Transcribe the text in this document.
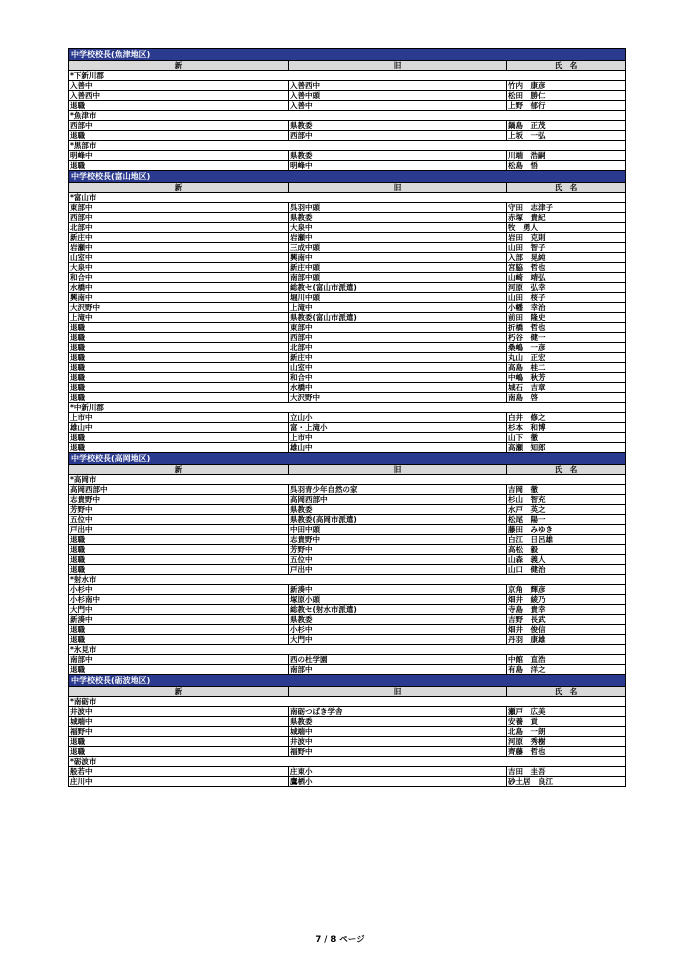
中学校校長(魚津地区)
新	旧	氏　名
*下新川郡
入善中	入善西中	竹内　康彦
入善西中	入善中頭	松田　勝仁
退職	入善中	上野　郁行
*魚津市
西部中	県教委	鍋島　正茂
退職	西部中	上坂　一弘
*黒部市
明峰中	県教委	川端　浩嗣
退職	明峰中	松島　悟
中学校校長(富山地区)
新	旧	氏　名
*富山市
東部中	呉羽中頭	守田　志津子
西部中	県教委	赤塚　貴紀
北部中	大泉中	牧　勇人
新庄中	岩瀬中	岩田　克則
岩瀬中	三成中頭	山田　智子
山室中	興南中	入部　晃純
大泉中	新庄中頭	宮脇　哲也
和合中	南部中頭	山崎　靖弘
水橋中	総教セ(富山市派遣)	河原　弘幸
興南中	堀川中頭	山田　桜子
大沢野中	上滝中	小幡　幸治
上滝中	県教委(富山市派遣)	前田　隆史
退職	東部中	折橋　哲也
退職	西部中	朽谷　健一
退職	北部中	桑嶋　一彦
退職	新庄中	丸山　正宏
退職	山室中	高島　桂二
退職	和合中	中嶋　秋芳
退職	水橋中	城石　吉章
退職	大沢野中	南島　啓
*中新川郡
上市中	立山小	白井　修之
雄山中	富・上滝小	杉本　和博
退職	上市中	山下　徹
退職	雄山中	高瀬　知郎
中学校校長(高岡地区)
新	旧	氏　名
*高岡市
高岡西部中	呉羽青少年自然の家	吉岡　徹
志貴野中	高岡西部中	杉山　智充
芳野中	県教委	水戸　英之
五位中	県教委(高岡市派遣)	松尾　陽一
戸出中	中田中頭	藤田　みゆき
退職	志貴野中	白江　日呂雄
退職	芳野中	高松　毅
退職	五位中	山森　義人
退職	戸出中	山口　健治
*射水市
小杉中	新湊中	京角　輝彦
小杉南中	塚原小頭	畑井　綾乃
大門中	総教セ(射水市派遣)	寺島　貴幸
新湊中	県教委	吉野　長武
退職	小杉中	畑井　俊信
退職	大門中	丹羽　康雄
*氷見市
南部中	西の杜学園	中館　直浩
退職	南部中	有島　洋之
中学校校長(砺波地区)
新	旧	氏　名
*南砺市
井波中	南砺つばき学舎	瀬戸　広美
城端中	県教委	安養　貢
福野中	城端中	北島　一朗
退職	井波中	河原　秀樹
退職	福野中	齊藤　哲也
*砺波市
般若中	庄東小	吉田　圭吾
庄川中	鷹栖小	砂土居　良江
7 / 8 ページ
